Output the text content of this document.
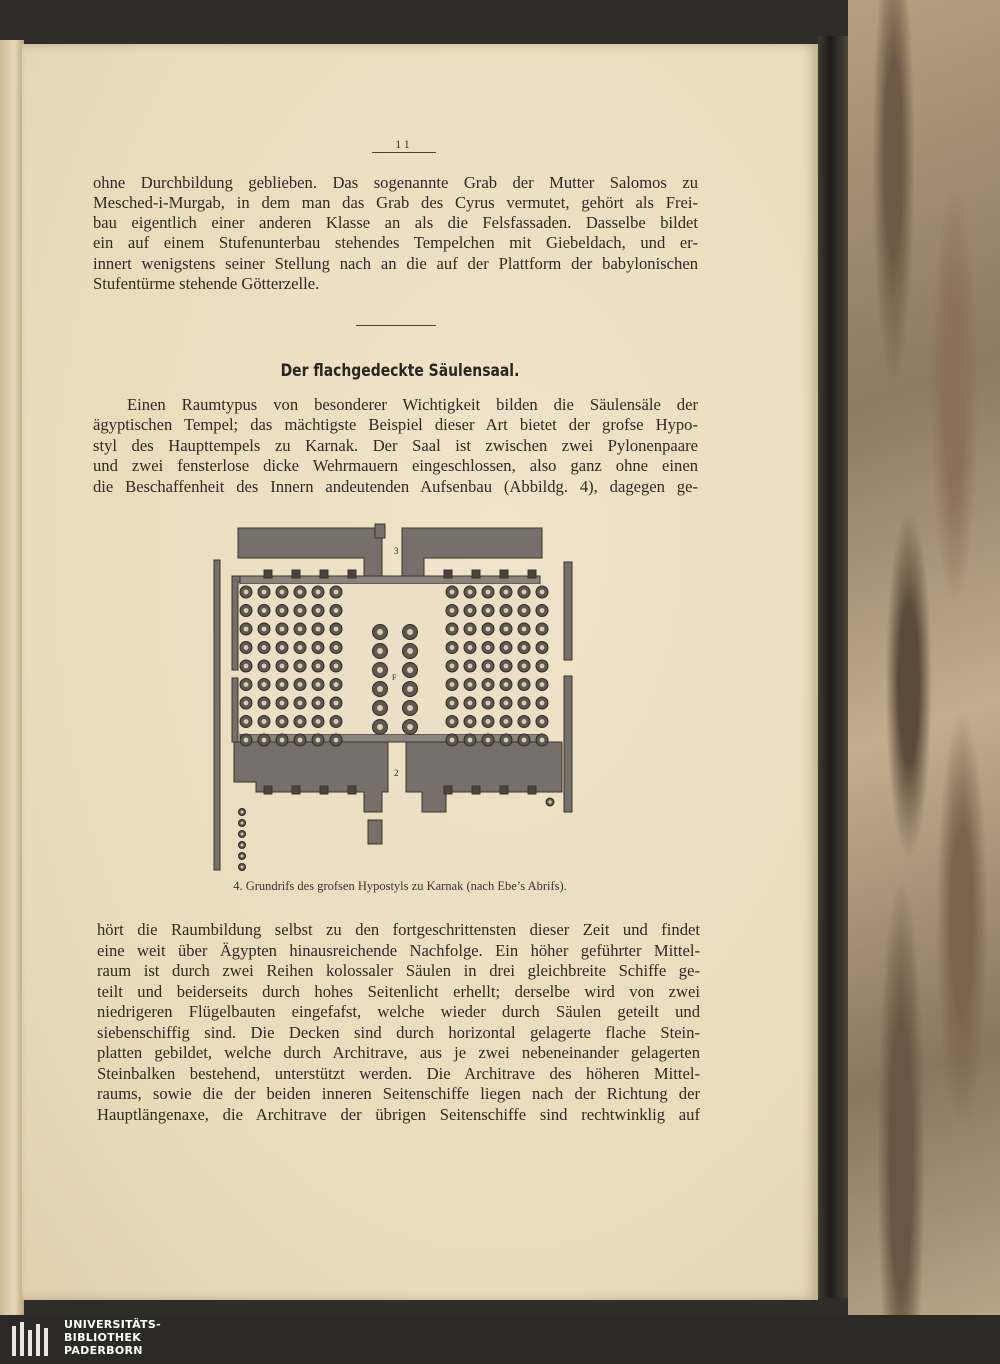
11
ohne Durchbildung geblieben. Das sogenannte Grab der Mutter Salomos zu
Mesched-i-Murgab, in dem man das Grab des Cyrus vermutet, gehört als Frei-
bau eigentlich einer anderen Klasse an als die Felsfassaden. Dasselbe bildet
ein auf einem Stufenunterbau stehendes Tempelchen mit Giebeldach, und er-
innert wenigstens seiner Stellung nach an die auf der Plattform der babylonischen
Stufentürme stehende Götterzelle.
Der flachgedeckte Säulensaal.
Einen Raumtypus von besonderer Wichtigkeit bilden die Säulensäle der
ägyptischen Tempel; das mächtigste Beispiel dieser Art bietet der grofse Hypo-
styl des Haupttempels zu Karnak. Der Saal ist zwischen zwei Pylonenpaare
und zwei fensterlose dicke Wehrmauern eingeschlossen, also ganz ohne einen
die Beschaffenheit des Innern andeutenden Aufsenbau (Abbildg. 4), dagegen ge-
3
F
2
4. Grundrifs des grofsen Hypostyls zu Karnak (nach Ebe’s Abrifs).
hört die Raumbildung selbst zu den fortgeschrittensten dieser Zeit und findet
eine weit über Ägypten hinausreichende Nachfolge. Ein höher geführter Mittel-
raum ist durch zwei Reihen kolossaler Säulen in drei gleichbreite Schiffe ge-
teilt und beiderseits durch hohes Seitenlicht erhellt; derselbe wird von zwei
niedrigeren Flügelbauten eingefafst, welche wieder durch Säulen geteilt und
siebenschiffig sind. Die Decken sind durch horizontal gelagerte flache Stein-
platten gebildet, welche durch Architrave, aus je zwei nebeneinander gelagerten
Steinbalken bestehend, unterstützt werden. Die Architrave des höheren Mittel-
raums, sowie die der beiden inneren Seitenschiffe liegen nach der Richtung der
Hauptlängenaxe, die Architrave der übrigen Seitenschiffe sind rechtwinklig auf
UNIVERSITÄTS-
BIBLIOTHEK
PADERBORN
